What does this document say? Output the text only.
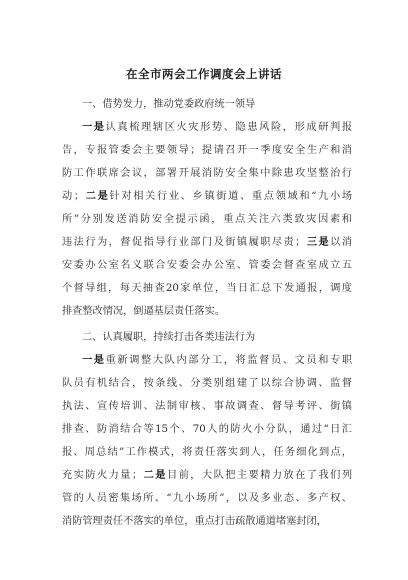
在全市两会工作调度会上讲话
一、借势发力，推动党委政府统一领导
一是认真梳理辖区火灾形势、隐患风险，形成研判报
告，专报管委会主要领导；提请召开一季度安全生产和消
防工作联席会议，部署开展消防安全集中除患攻坚整治行
动；二是针对相关行业、乡镇街道、重点领域和“九小场
所”分别发送消防安全提示函，重点关注六类致灾因素和
违法行为，督促指导行业部门及街镇履职尽责；三是以消
安委办公室名义联合安委会办公室、管委会督查室成立五
个督导组，每天抽查20家单位，当日汇总下发通报，调度
排查整改情况，倒逼基层责任落实。
二、认真履职，持续打击各类违法行为
一是重新调整大队内部分工，将监督员、文员和专职
队员有机结合，按条线、分类别组建了以综合协调、监督
执法、宣传培训、法制审核、事故调查、督导考评、街镇
排查、防消结合等15个、70人的防火小分队，通过“日汇
报、周总结”工作模式，将责任落实到人，任务细化到点，
充实防火力量；二是目前，大队把主要精力放在了我们列
管的人员密集场所、“九小场所”，以及多业态、多产权、
消防管理责任不落实的单位，重点打击疏散通道堵塞封闭，
